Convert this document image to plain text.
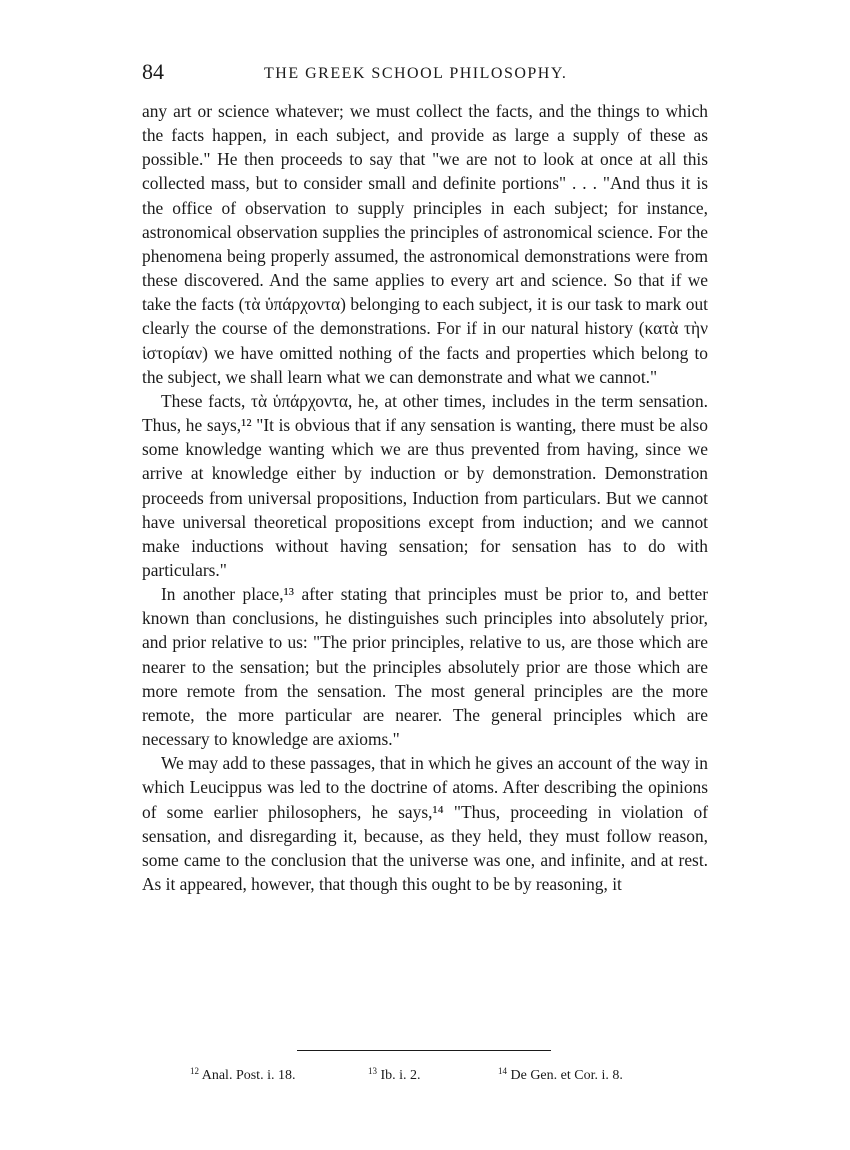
84	THE GREEK SCHOOL PHILOSOPHY.

any art or science whatever; we must collect the facts, and the things to which the facts happen, in each subject, and provide as large a supply of these as possible." He then proceeds to say that "we are not to look at once at all this collected mass, but to consider small and definite portions" . . . "And thus it is the office of observation to supply principles in each subject; for instance, astronomical observation supplies the principles of astronomical science. For the phenomena being properly assumed, the astronomical demonstrations were from these discovered. And the same applies to every art and science. So that if we take the facts (τὰ ὑπάρχοντα) belonging to each subject, it is our task to mark out clearly the course of the demonstrations. For if in our natural history (κατὰ τὴν ἱστορίαν) we have omitted nothing of the facts and properties which belong to the subject, we shall learn what we can demonstrate and what we cannot."

These facts, τὰ ὑπάρχοντα, he, at other times, includes in the term sensation. Thus, he says,¹² "It is obvious that if any sensation is wanting, there must be also some knowledge wanting which we are thus prevented from having, since we arrive at knowledge either by induction or by demonstration. Demonstration proceeds from universal propositions, Induction from particulars. But we cannot have universal theoretical propositions except from induction; and we cannot make inductions without having sensation; for sensation has to do with particulars."

In another place,¹³ after stating that principles must be prior to, and better known than conclusions, he distinguishes such principles into absolutely prior, and prior relative to us: "The prior principles, relative to us, are those which are nearer to the sensation; but the principles absolutely prior are those which are more remote from the sensation. The most general principles are the more remote, the more particular are nearer. The general principles which are necessary to knowledge are axioms."

We may add to these passages, that in which he gives an account of the way in which Leucippus was led to the doctrine of atoms. After describing the opinions of some earlier philosophers, he says,¹⁴ "Thus, proceeding in violation of sensation, and disregarding it, because, as they held, they must follow reason, some came to the conclusion that the universe was one, and infinite, and at rest. As it appeared, however, that though this ought to be by reasoning, it

$^{12}$ Anal. Post. i. 18.	$^{13}$ Ib. i. 2.	$^{14}$ De Gen. et Cor. i. 8.
